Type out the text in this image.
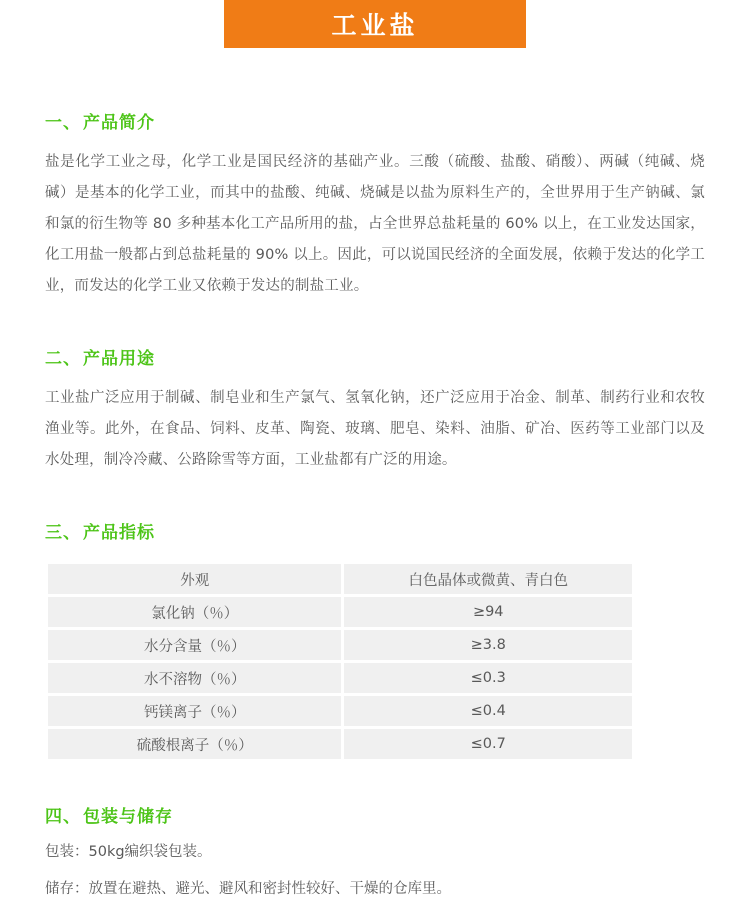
工业盐
一、 产品简介
盐是化学工业之母，化学工业是国民经济的基础产业。三酸（硫酸、盐酸、硝酸）、两碱（纯碱、烧碱）是基本的化学工业，而其中的盐酸、纯碱、烧碱是以盐为原料生产的，全世界用于生产钠碱、氯和氯的衍生物等 80 多种基本化工产品所用的盐，占全世界总盐耗量的 60% 以上，在工业发达国家，化工用盐一般都占到总盐耗量的 90% 以上。因此，可以说国民经济的全面发展，依赖于发达的化学工业，而发达的化学工业又依赖于发达的制盐工业。
二、 产品用途
工业盐广泛应用于制碱、制皂业和生产氯气、氢氧化钠，还广泛应用于冶金、制革、制药行业和农牧渔业等。此外，在食品、饲料、皮革、陶瓷、玻璃、肥皂、染料、油脂、矿冶、医药等工业部门以及水处理，制冷冷藏、公路除雪等方面，工业盐都有广泛的用途。
三、 产品指标
外观	白色晶体或微黄、青白色
氯化钠（％）	≥94
水分含量（％）	≥3.8
水不溶物（％）	≤0.3
钙镁离子（％）	≤0.4
硫酸根离子（％）	≤0.7
四、 包装与储存
包装：50kg编织袋包装。
储存：放置在避热、避光、避风和密封性较好、干燥的仓库里。
